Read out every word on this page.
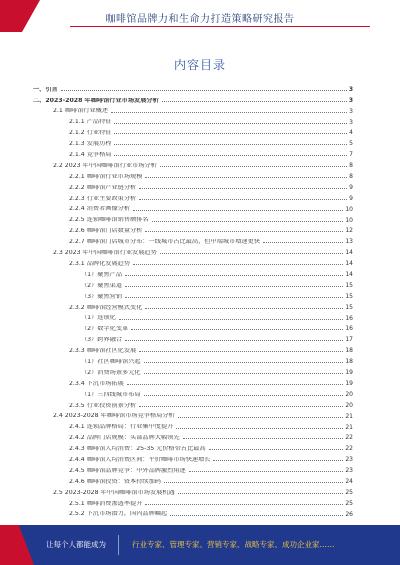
咖啡馆品牌力和生命力打造策略研究报告
内容目录
一、引言	3
二、2023-2028 年咖啡馆行业市场发展分析	3
2.1 咖啡馆行业概述	3
2.1.1 产品特征	3
2.1.2 行业特征	4
2.1.3 发展历程	5
2.1.4 竞争格局	7
2.2 2023 年中国咖啡馆行业市场分析	8
2.2.1 咖啡馆行业市场规模	8
2.2.2 咖啡馆产业链分析	9
2.2.3 行业主要政策分析	9
2.2.4 消费者画像分析	10
2.2.5 连锁咖啡馆销售额排名	10
2.2.6 咖啡馆门店数量分析	12
2.2.7 咖啡馆门店城市分布：一线城市占比最高，但中端城市增速更快	13
2.3 2023 年中国咖啡馆行业发展趋势	14
2.3.1 品牌化发展趋势	14
（1）聚焦产品	14
（2）聚焦渠道	15
（3）聚焦营销	15
2.3.2 咖啡馆经营模式变化	15
（1）连锁化	16
（2）数字化变革	16
（3）跨界融合	17
2.3.3 咖啡馆社区化发展	18
（1）社区咖啡馆兴起	18
（2）消费场景多元化	19
2.3.4 下沉市场拓展	19
（1）三四线城市布局	20
2.3.5 行业投资前景分析	20
2.4 2023-2028 年咖啡馆市场竞争格局分析	21
2.4.1 连锁品牌格局：行业集中度提升	21
2.4.2 品牌门店规模：头部品牌大幅领先	22
2.4.3 咖啡馆人均消费：25-35 元价格带占比最高	22
2.4.4 咖啡馆人均消费区间：平价咖啡市场快速增长	23
2.4.5 咖啡馆品牌竞争：中外品牌激烈角逐	23
2.4.6 咖啡馆投资：资本持续加码	24
2.5 2023-2028 年中国咖啡馆市场发展机遇	25
2.5.1 咖啡消费渗透率提升	25
2.5.2 下沉市场潜力，国内品牌崛起	26
让每个人都能成为	行业专家、管理专家、营销专家、战略专家、成功企业家……
